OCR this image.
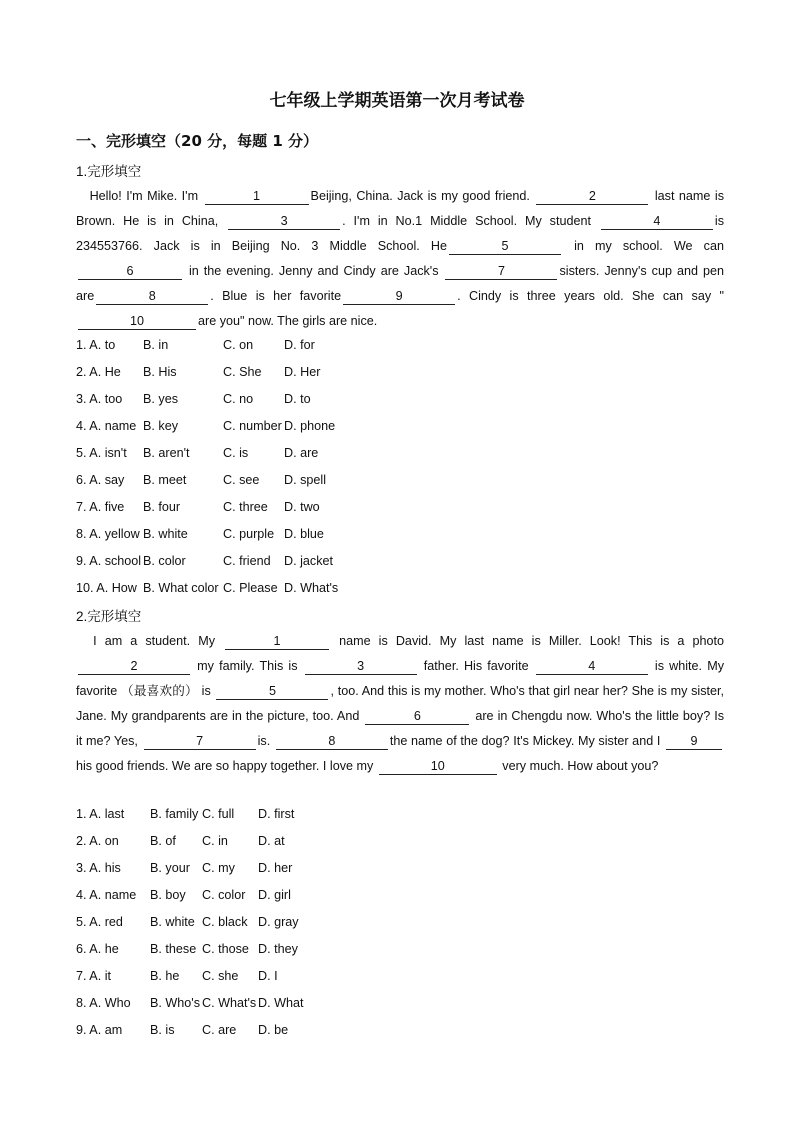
七年级上学期英语第一次月考试卷
一、完形填空（20 分，每题 1 分）
1.完形填空
　Hello! I'm Mike. I'm	1	Beijing, China. Jack is my good friend.	2	last name is Brown. He is in China,	3	. I'm in No.1 Middle School. My student	4	is 234553766. Jack is in Beijing No. 3 Middle School. He	5	in my school. We can6	in the evening. Jenny and Cindy are Jack's	7	sisters. Jenny's cup and pen are	8	. Blue is her favorite	9	. Cindy is three years old. She can say "10	are you" now. The girls are nice.
1. A. to B. in	C. on D. for
2. A. He B. His	C. She D. Her
3. A. too B. yes	C. no D. to
4. A. name B. key	C. number D. phone
5. A. isn't B. aren't	C. is	D. are
6. A. say B. meet	C. see D. spell
7. A. five B. four	C. three D. two
8. A. yellow B. white	C. purple D. blue
9. A. school B. color	C. friend D. jacket
10. A. How B. What color C. Please D. What's
2.完形填空
　I am a student. My	1	name is David. My last name is Miller. Look! This is a photo 2	my family. This is	3	father. His favorite	4	is white. My favorite （最喜欢的） is	5	, too. And this is my mother. Who's that girl near her? She is my sister, Jane. My grandparents are in the picture, too. And	6	are in Chengdu now. Who's the little boy? Is it me? Yes,	7	is.	8	the name of the dog? It's Mickey. My sister and I 9 his good friends. We are so happy together. I love my	10	very much. How about you?
1. A. last B. family C. full D. first
2. A. on B. of C. in D. at
3. A. his B. your C. my D. her
4. A. name B. boy C. color D. girl
5. A. red B. white C. black D. gray
6. A. he B. these C. those D. they
7. A. it	B. he C. she D. I
8. A. Who B. Who's C. What's D. What
9. A. am B. is C. are D. be
